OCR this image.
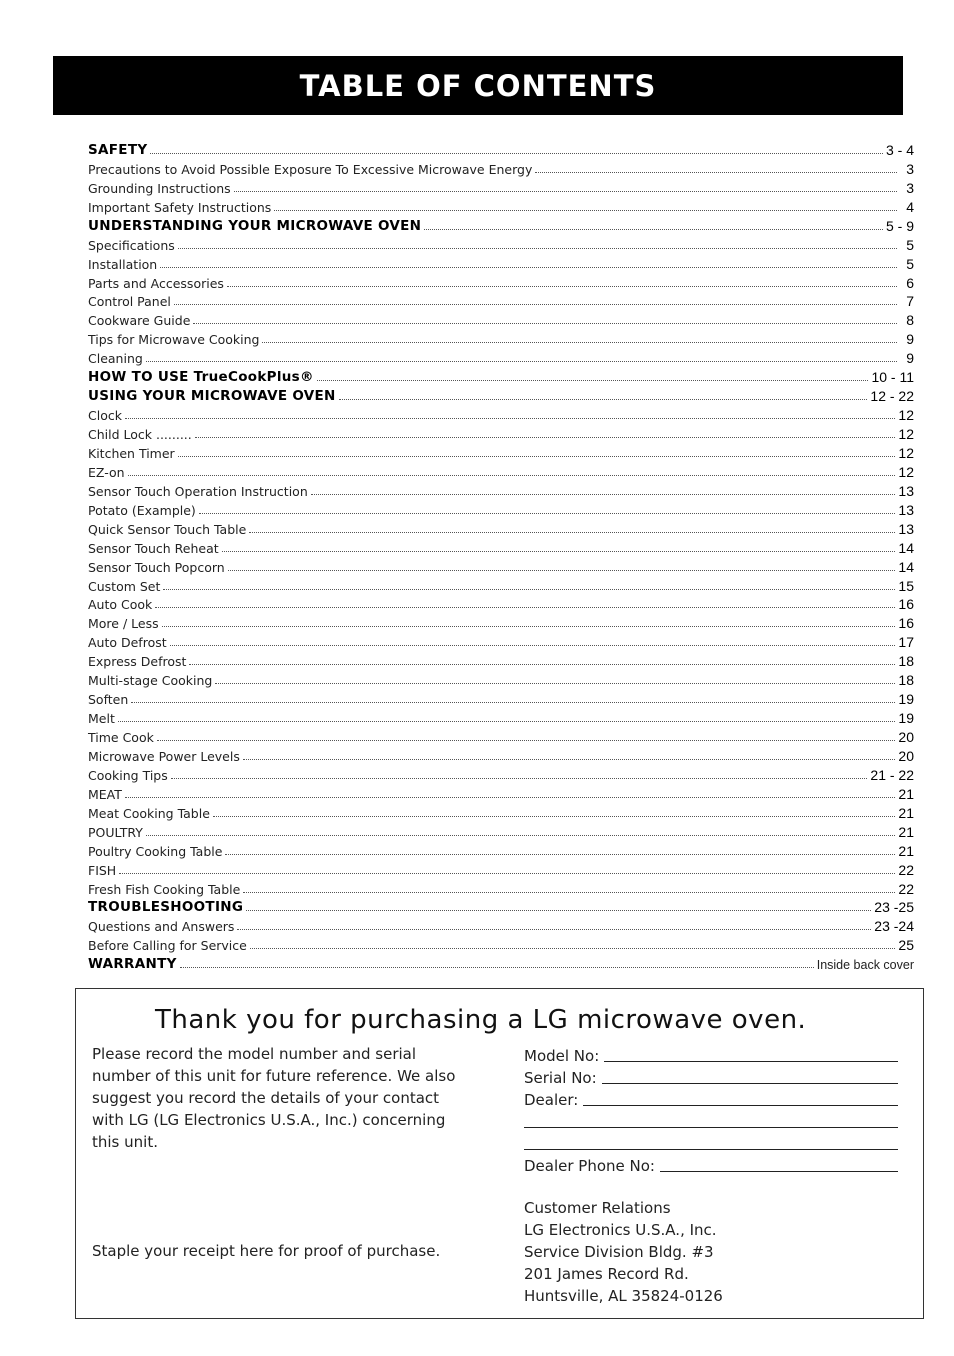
TABLE OF CONTENTS
SAFETY	3 - 4
Precautions to Avoid Possible Exposure To Excessive Microwave Energy	3
Grounding Instructions	3
Important Safety Instructions	4
UNDERSTANDING YOUR MICROWAVE OVEN	5 - 9
Specifications	5
Installation	5
Parts and Accessories	6
Control Panel	7
Cookware Guide	8
Tips for Microwave Cooking	9
Cleaning	9
HOW TO USE TrueCookPlus®	10 - 11
USING YOUR MICROWAVE OVEN	12 - 22
Clock	12
Child Lock .........	12
Kitchen Timer	12
EZ-on	12
Sensor Touch Operation Instruction	13
Potato (Example)	13
Quick Sensor Touch Table	13
Sensor Touch Reheat	14
Sensor Touch Popcorn	14
Custom Set	15
Auto Cook	16
More / Less	16
Auto Defrost	17
Express Defrost	18
Multi-stage Cooking	18
Soften	19
Melt	19
Time Cook	20
Microwave Power Levels	20
Cooking Tips	21 - 22
MEAT	21
Meat Cooking Table	21
POULTRY	21
Poultry Cooking Table	21
FISH	22
Fresh Fish Cooking Table	22
TROUBLESHOOTING	23 -25
Questions and Answers	23 -24
Before Calling for Service	25
WARRANTY	Inside back cover
Thank you for purchasing a LG microwave oven.

Please record the model number and serial number of this unit for future reference. We also suggest you record the details of your contact with LG (LG Electronics U.S.A., Inc.) concerning this unit.

Staple your receipt here for proof of purchase.

Model No:
Serial No:
Dealer:
Dealer Phone No:

Customer Relations

LG Electronics U.S.A., Inc.

Service Division Bldg. #3

201 James Record Rd.

Huntsville, AL 35824-0126
